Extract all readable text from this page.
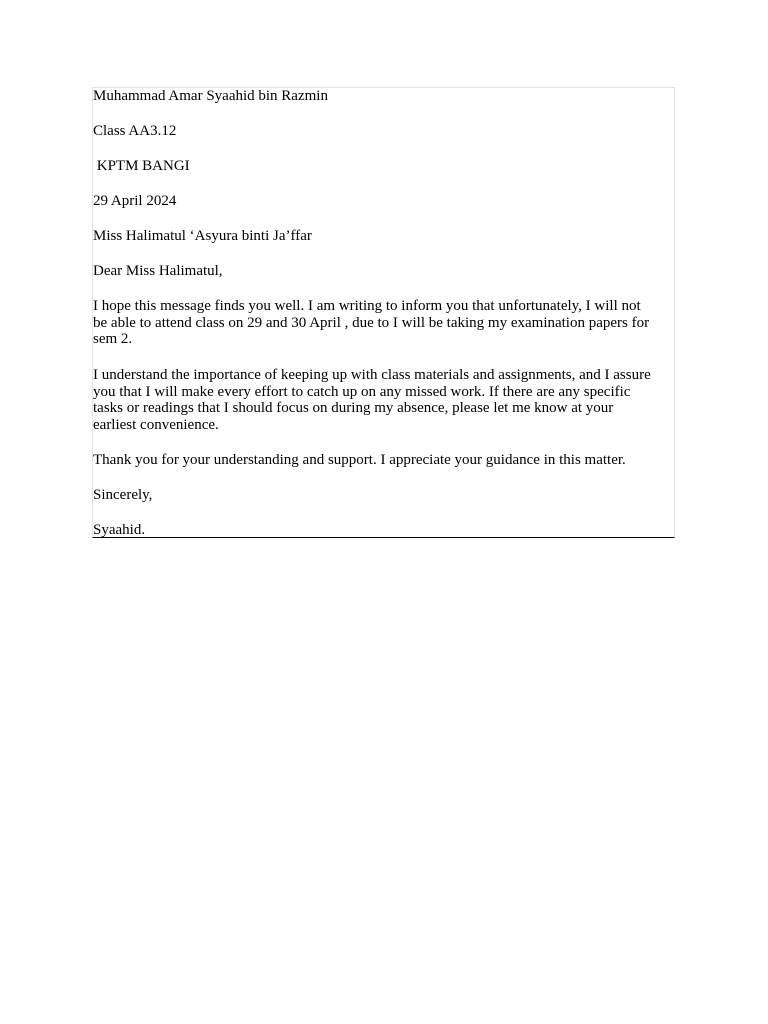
Muhammad Amar Syaahid bin Razmin

Class AA3.12

KPTM BANGI

29 April 2024

Miss Halimatul ‘Asyura binti Ja’ffar

Dear Miss Halimatul,

I hope this message finds you well. I am writing to inform you that unfortunately, I will not
be able to attend class on 29 and 30 April , due to I will be taking my examination papers for
sem 2.
I understand the importance of keeping up with class materials and assignments, and I assure
you that I will make every effort to catch up on any missed work. If there are any specific
tasks or readings that I should focus on during my absence, please let me know at your
earliest convenience.

Thank you for your understanding and support. I appreciate your guidance in this matter.

Sincerely,

Syaahid.
